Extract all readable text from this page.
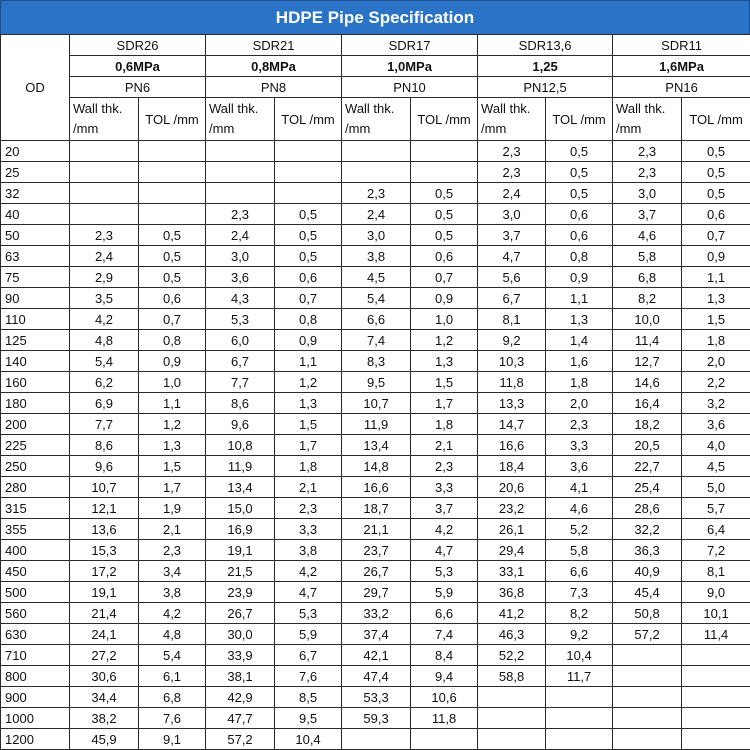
HDPE Pipe Specification
OD	SDR26		SDR21		SDR17		SDR13,6		SDR11	
	0,6MPa		0,8MPa		1,0MPa		1,25		1,6MPa	
	PN6		PN8		PN10		PN12,5		PN16	
	Wall thk. /mm	TOL /mm	Wall thk. /mm	TOL /mm	Wall thk. /mm	TOL /mm	Wall thk. /mm	TOL /mm	Wall thk. /mm	TOL /mm
20							2,3	0,5	2,3	0,5
25							2,3	0,5	2,3	0,5
32					2,3	0,5	2,4	0,5	3,0	0,5
40			2,3	0,5	2,4	0,5	3,0	0,6	3,7	0,6
50	2,3	0,5	2,4	0,5	3,0	0,5	3,7	0,6	4,6	0,7
63	2,4	0,5	3,0	0,5	3,8	0,6	4,7	0,8	5,8	0,9
75	2,9	0,5	3,6	0,6	4,5	0,7	5,6	0,9	6,8	1,1
90	3,5	0,6	4,3	0,7	5,4	0,9	6,7	1,1	8,2	1,3
110	4,2	0,7	5,3	0,8	6,6	1,0	8,1	1,3	10,0	1,5
125	4,8	0,8	6,0	0,9	7,4	1,2	9,2	1,4	11,4	1,8
140	5,4	0,9	6,7	1,1	8,3	1,3	10,3	1,6	12,7	2,0
160	6,2	1,0	7,7	1,2	9,5	1,5	11,8	1,8	14,6	2,2
180	6,9	1,1	8,6	1,3	10,7	1,7	13,3	2,0	16,4	3,2
200	7,7	1,2	9,6	1,5	11,9	1,8	14,7	2,3	18,2	3,6
225	8,6	1,3	10,8	1,7	13,4	2,1	16,6	3,3	20,5	4,0
250	9,6	1,5	11,9	1,8	14,8	2,3	18,4	3,6	22,7	4,5
280	10,7	1,7	13,4	2,1	16,6	3,3	20,6	4,1	25,4	5,0
315	12,1	1,9	15,0	2,3	18,7	3,7	23,2	4,6	28,6	5,7
355	13,6	2,1	16,9	3,3	21,1	4,2	26,1	5,2	32,2	6,4
400	15,3	2,3	19,1	3,8	23,7	4,7	29,4	5,8	36,3	7,2
450	17,2	3,4	21,5	4,2	26,7	5,3	33,1	6,6	40,9	8,1
500	19,1	3,8	23,9	4,7	29,7	5,9	36,8	7,3	45,4	9,0
560	21,4	4,2	26,7	5,3	33,2	6,6	41,2	8,2	50,8	10,1
630	24,1	4,8	30,0	5,9	37,4	7,4	46,3	9,2	57,2	11,4
710	27,2	5,4	33,9	6,7	42,1	8,4	52,2	10,4		
800	30,6	6,1	38,1	7,6	47,4	9,4	58,8	11,7		
900	34,4	6,8	42,9	8,5	53,3	10,6				
1000	38,2	7,6	47,7	9,5	59,3	11,8				
1200	45,9	9,1	57,2	10,4						
